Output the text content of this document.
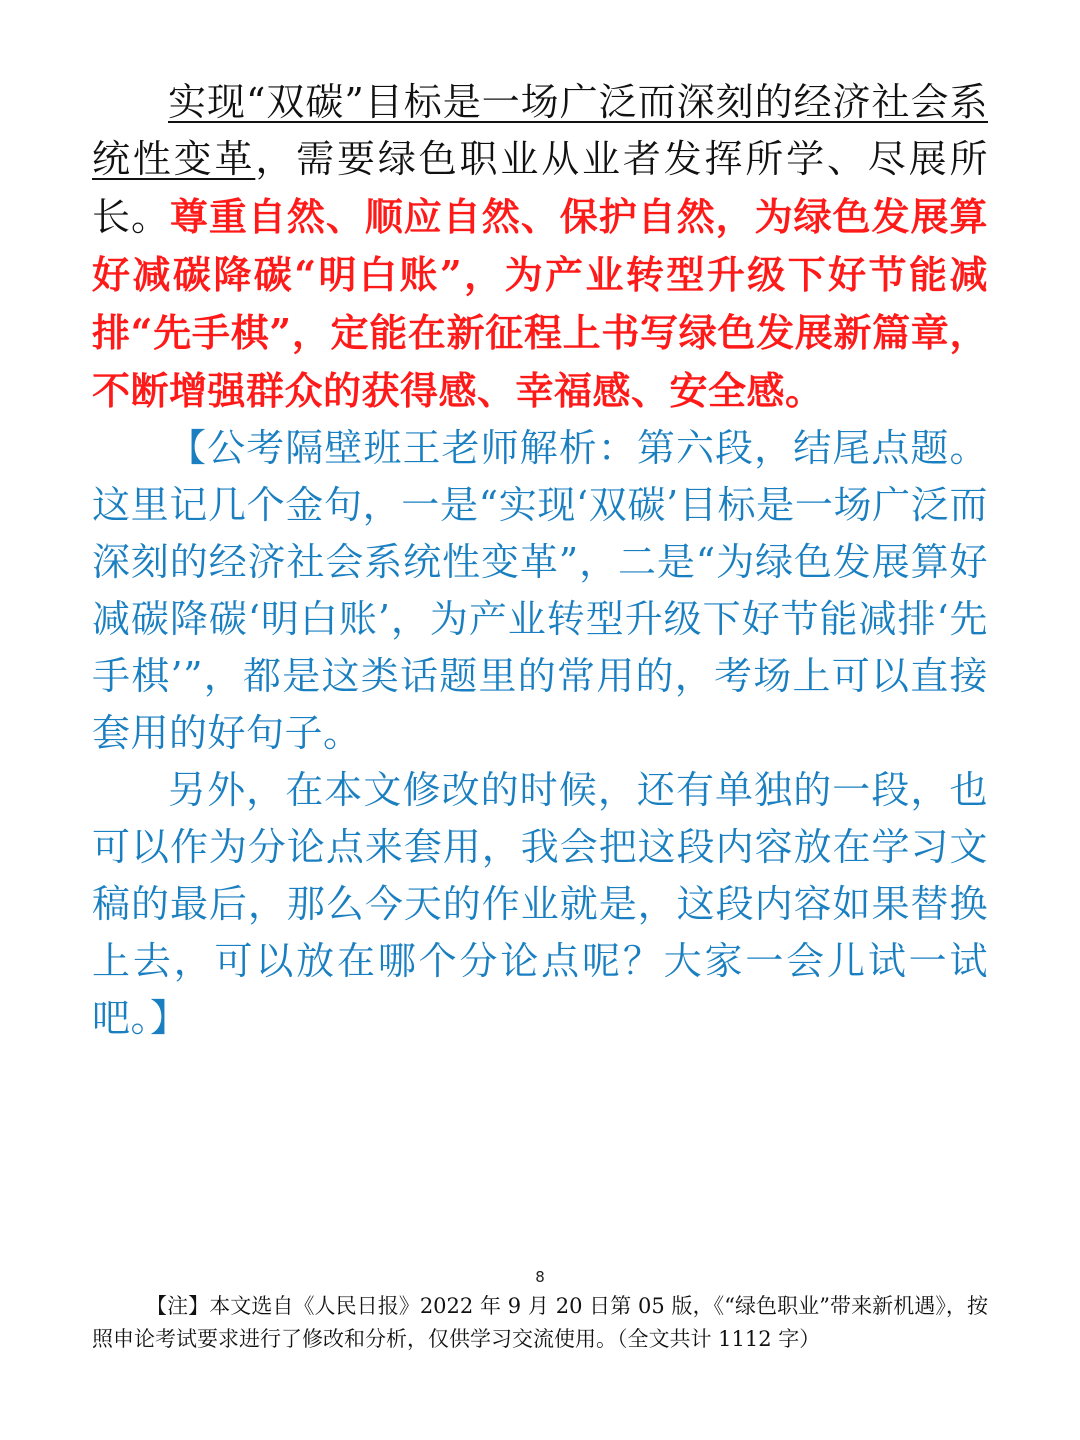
实现“双碳”目标是一场广泛而深刻的经济社会系统性变革，需要绿色职业从业者发挥所学、尽展所长。尊重自然、顺应自然、保护自然，为绿色发展算好减碳降碳“明白账”，为产业转型升级下好节能减排“先手棋”，定能在新征程上书写绿色发展新篇章，不断增强群众的获得感、幸福感、安全感。

【公考隔壁班王老师解析：第六段，结尾点题。这里记几个金句，一是“实现‘双碳’目标是一场广泛而深刻的经济社会系统性变革”，二是“为绿色发展算好减碳降碳‘明白账’，为产业转型升级下好节能减排‘先手棋’”，都是这类话题里的常用的，考场上可以直接套用的好句子。

另外，在本文修改的时候，还有单独的一段，也可以作为分论点来套用，我会把这段内容放在学习文稿的最后，那么今天的作业就是，这段内容如果替换上去，可以放在哪个分论点呢？大家一会儿试一试吧。】

8

【注】本文选自《人民日报》2022 年 9 月 20 日第 05 版，《“绿色职业”带来新机遇》，按照申论考试要求进行了修改和分析，仅供学习交流使用。（全文共计 1112 字）
